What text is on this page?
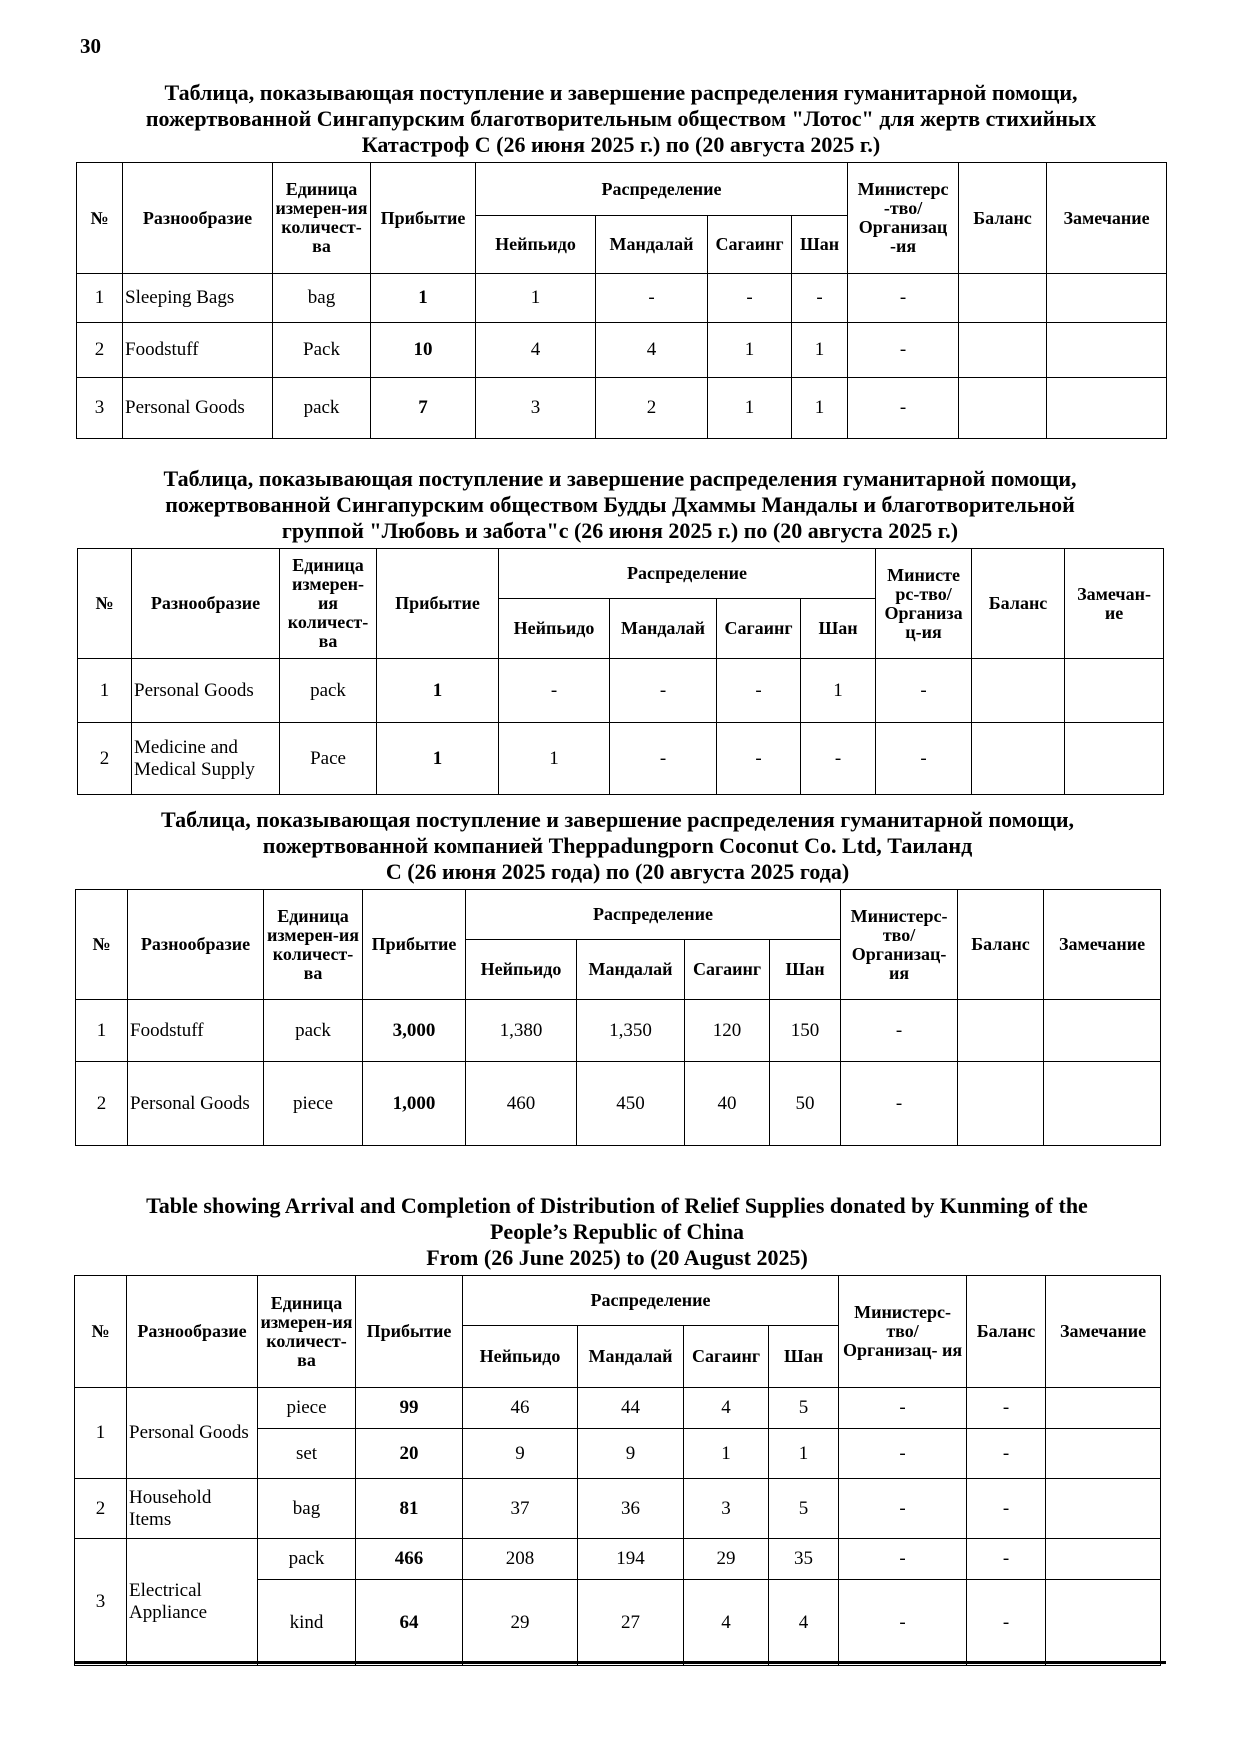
30
Таблица, показывающая поступление и завершение распределения гуманитарной помощи,
пожертвованной Сингапурским благотворительным обществом "Лотос" для жертв стихийных
Катастроф С (26 июня 2025 г.) по (20 августа 2025 г.)
№	Разнообразие	Единица измерен-ия количест-ва	Прибытие	Распределение				Министерс -тво/ Организац -ия	Баланс	Замечание
				Нейпьидо	Мандалай	Сагаинг	Шан			
1	Sleeping Bags	bag	1	1	-	-	-	-		
2	Foodstuff	Pack	10	4	4	1	1	-		
3	Personal Goods	pack	7	3	2	1	1	-		
Таблица, показывающая поступление и завершение распределения гуманитарной помощи,
пожертвованной Сингапурским обществом Будды Дхаммы Мандалы и благотворительной
группой "Любовь и забота"с (26 июня 2025 г.) по (20 августа 2025 г.)
№	Разнообразие	Единица измерен-ия количест-ва	Прибытие	Распределение				Министе рс-тво/ Организа ц-ия	Баланс	Замечан- ие
				Нейпьидо	Мандалай	Сагаинг	Шан			
1	Personal Goods	pack	1	-	-	-	1	-		
2	Medicine and Medical Supply	Pace	1	1	-	-	-	-		
Таблица, показывающая поступление и завершение распределения гуманитарной помощи,
пожертвованной компанией Theppadungporn Coconut Co. Ltd, Таиланд
С (26 июня 2025 года) по (20 августа 2025 года)
№	Разнообразие	Единица измерен-ия количест-ва	Прибытие	Распределение				Министерс- тво/ Организац- ия	Баланс	Замечание
				Нейпьидо	Мандалай	Сагаинг	Шан			
1	Foodstuff	pack	3,000	1,380	1,350	120	150	-		
2	Personal Goods	piece	1,000	460	450	40	50	-		
Table showing Arrival and Completion of Distribution of Relief Supplies donated by Kunming of the
People’s Republic of China
From (26 June 2025) to (20 August 2025)
№	Разнообразие	Единица измерен-ия количест-ва	Прибытие	Распределение				Министерс- тво/ Организац- ия	Баланс	Замечание
				Нейпьидо	Мандалай	Сагаинг	Шан			
1	Personal Goods	piece	99	46	44	4	5	-	-	
		set	20	9	9	1	1	-	-	
2	Household Items	bag	81	37	36	3	5	-	-	
3	Electrical Appliance	pack	466	208	194	29	35	-	-	
		kind	64	29	27	4	4	-	-	
